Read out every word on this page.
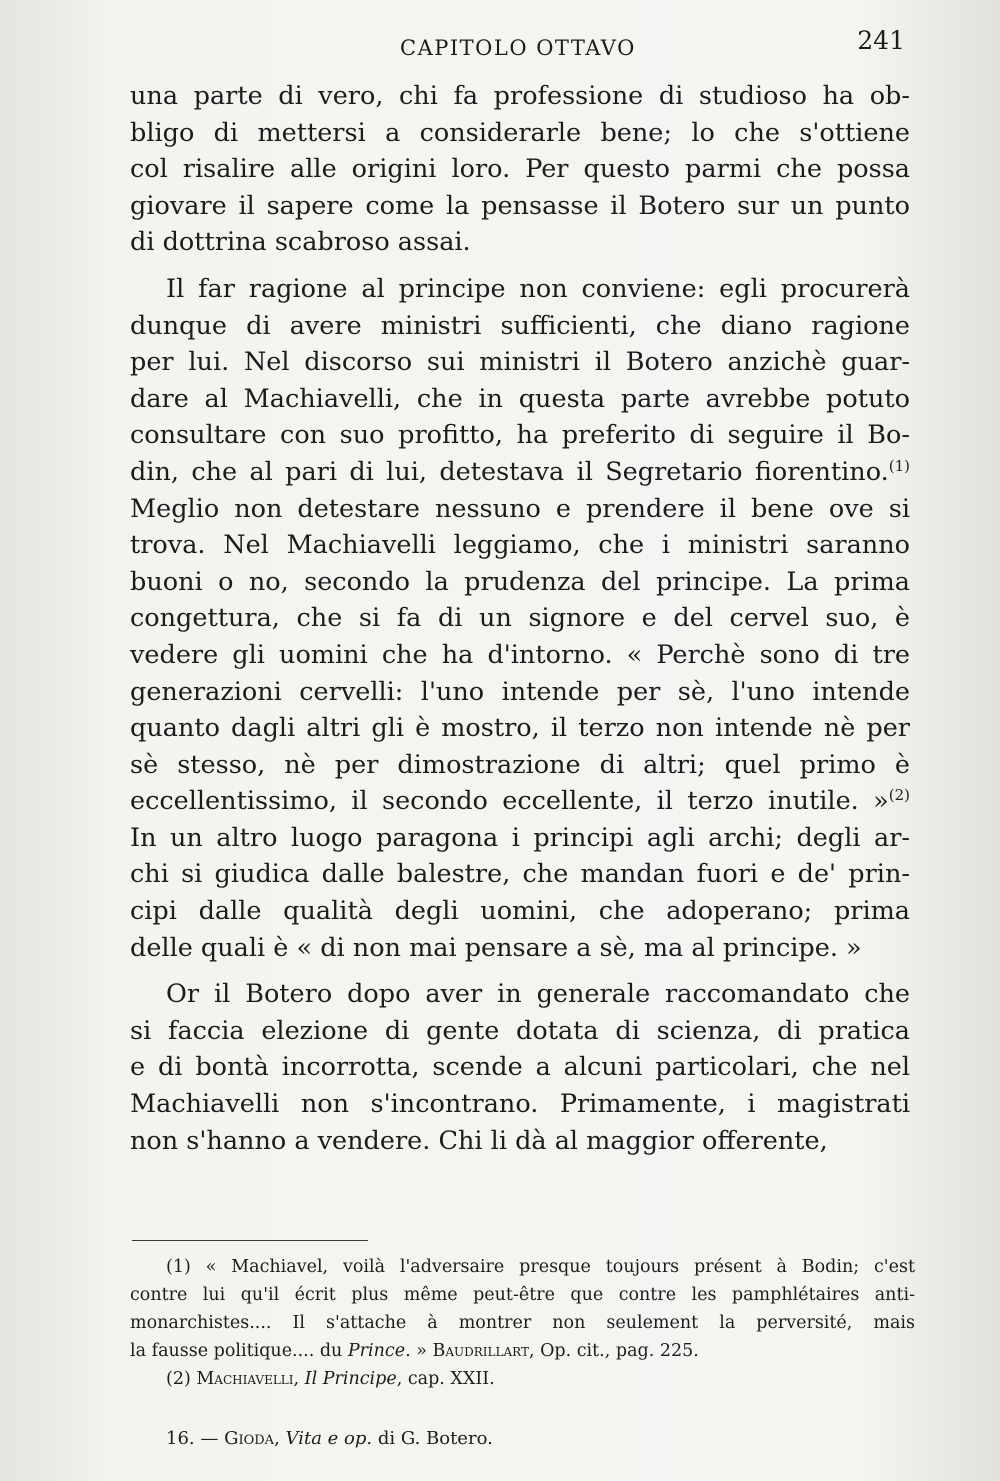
CAPITOLO OTTAVO	241

una parte di vero, chi fa professione di studioso ha ob-
bligo di mettersi a considerarle bene; lo che s'ottiene
col risalire alle origini loro. Per questo parmi che possa
giovare il sapere come la pensasse il Botero sur un punto
di dottrina scabroso assai.

Il far ragione al principe non conviene: egli procurerà
dunque di avere ministri sufficienti, che diano ragione
per lui. Nel discorso sui ministri il Botero anzichè guar-
dare al Machiavelli, che in questa parte avrebbe potuto
consultare con suo profitto, ha preferito di seguire il Bo-
din, che al pari di lui, detestava il Segretario fiorentino.$^{(1)}$
Meglio non detestare nessuno e prendere il bene ove si
trova. Nel Machiavelli leggiamo, che i ministri saranno
buoni o no, secondo la prudenza del principe. La prima
congettura, che si fa di un signore e del cervel suo, è
vedere gli uomini che ha d'intorno. « Perchè sono di tre
generazioni cervelli: l'uno intende per sè, l'uno intende
quanto dagli altri gli è mostro, il terzo non intende nè per
sè stesso, nè per dimostrazione di altri; quel primo è
eccellentissimo, il secondo eccellente, il terzo inutile. »$^{(2)}$
In un altro luogo paragona i principi agli archi; degli ar-
chi si giudica dalle balestre, che mandan fuori e de' prin-
cipi dalle qualità degli uomini, che adoperano; prima
delle quali è « di non mai pensare a sè, ma al principe. »

Or il Botero dopo aver in generale raccomandato che
si faccia elezione di gente dotata di scienza, di pratica
e di bontà incorrotta, scende a alcuni particolari, che nel
Machiavelli non s'incontrano. Primamente, i magistrati
non s'hanno a vendere. Chi li dà al maggior offerente,

(1) « Machiavel, voilà l'adversaire presque toujours présent à Bodin; c'est
contre lui qu'il écrit plus même peut-être que contre les pamphlétaires anti-
monarchistes.... Il s'attache à montrer non seulement la perversité, mais
la fausse politique.... du Prince. » Baudrillart, Op. cit., pag. 225.
(2) Machiavelli, Il Principe, cap. XXII.
16. — Gioda, Vita e op. di G. Botero.
